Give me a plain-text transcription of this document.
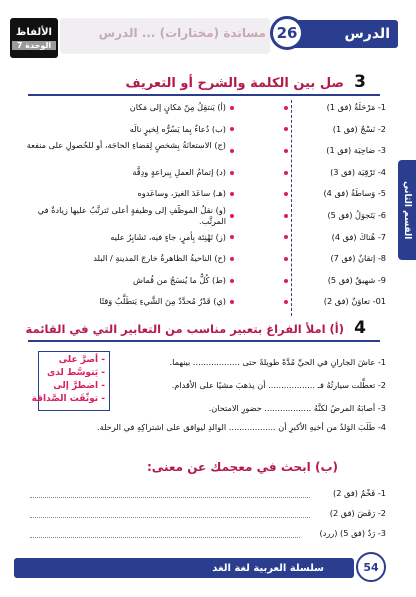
مساندة (مختارات) ... الدرس	الدرس
26
الألفاظ
الوحدة 7
القسم الثاني
3
صل بين الكلمة والشرح أو التعريف
1- مَرْحَلَةٌ (فق 1)
2- نَسْجٌ (فق 1)
3- ضاحِيَة (فق 1)
4- تَرْقِيَة (فق 3)
5- وَساطَةٌ (فق 4)
6- يَتَجوَلُ (فق 5)
7- هُناكَ (فق 4)
8- إتقانٌ (فق 7)
9- شهيقٌ (فق 5)
01- تعاوَنٌ (فق 2)
(أ) يَنتقِلُ مِنْ مَكانٍ إلى مَكان
(ب) دُعاءٌ بِما يَسُرُّه لِخيرٍ نالَه
(ج) الاستعانَةُ بِشخصٍ لِقضاءِ الحاجَة، أو للحُصولِ على منفعة
(د) إتمامُ العملِ بِبراعةٍ ودِقَّة
(هـ) ساعَدَ الغيرَ، وساعَدوه
(و) نقلُ الموظَّفِ إلى وظيفةٍ أعلى تَترتَّبُ عليها زيادةٌ في المرتَّب.
(ز) تَهْنِئة بِأمرٍ، جاءٍ فيه، تَشَابِرُ عليه
(ح) الناحيةُ الظاهرةُ خارجَ المدينةِ / البلد
(ط) كُلُّ ما يُنسَجُ من قُماش
(ي) قَدْرٌ مُحدَّدٌ مِنَ الشَّيءِ يَتطَلَّبُ وَقتًا
4
(أ) املأ الفراغ بتعبير مناسب من التعابير التي في القائمة
1- عاشَ الجارانِ في الحيِّ مُدَّةً طويلةً حتى .................. بينهما.
2- تعطَّلت سيارتُهُ فـ .................. أن يذهبَ مشيًا على الأقدام.
3- أصابَهُ المرضُ لكنَّهُ .................. حضورِ الامتحان.
4- طَلَبَ الوَلدُ من أخيهِ الأكبرِ أن .................. الوالدِ ليوافق على اشتراكِهِ في الرحلة.
- أصرَّ على
- يَتوسَّط لدى
- اضطرَّ إلى
- توثّقَت الصَّداقة
(ب) ابحث في معجمك عن معنى:
1- فَخْمٌ (فق 2)
2- رَفَضَ (فق 2)
3- رَدٌ (فق 5) (ررد)
سلسلة العربية لغة الغد	54
